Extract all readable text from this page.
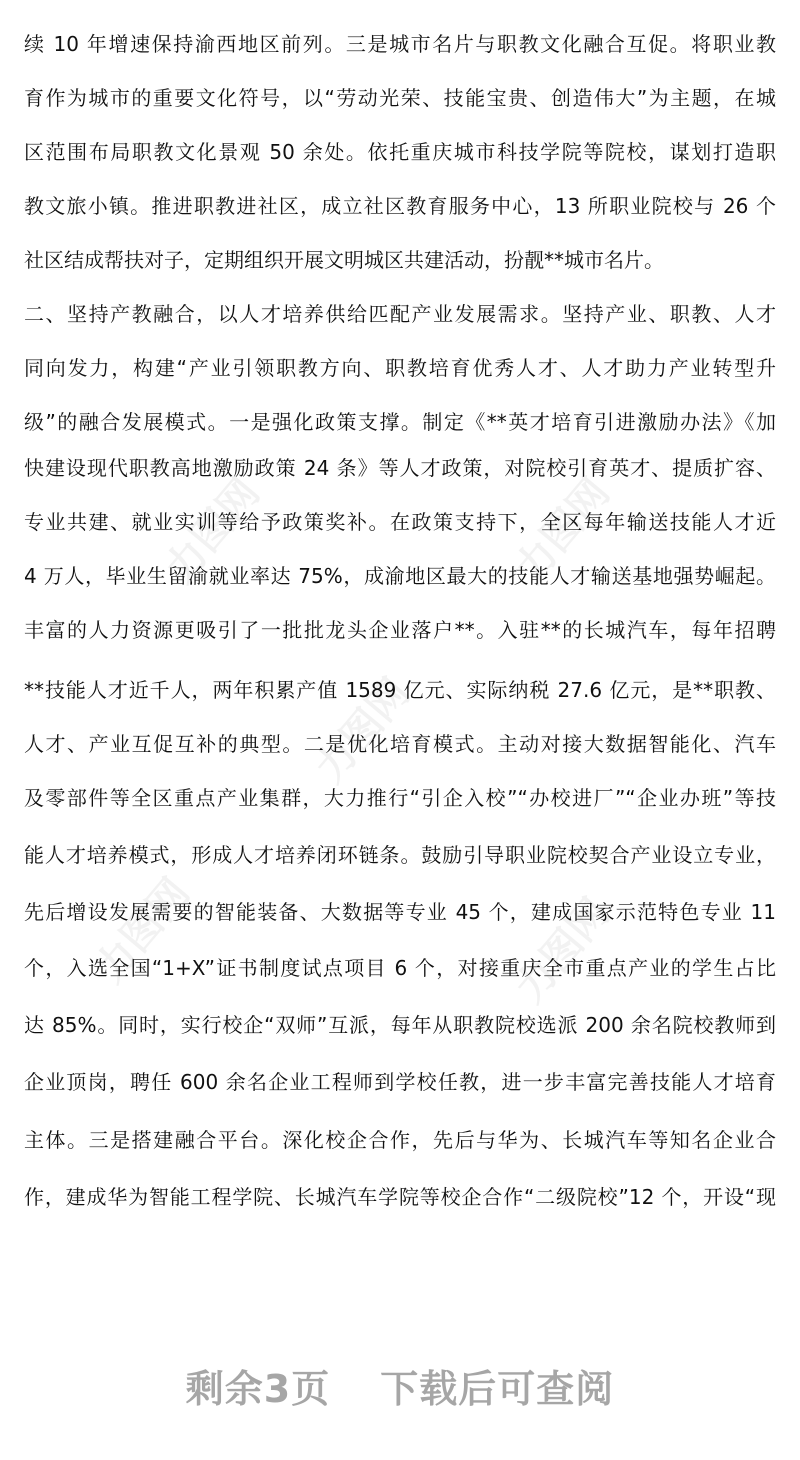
续 10 年增速保持渝西地区前列。三是城市名片与职教文化融合互促。将职业教
育作为城市的重要文化符号，以“劳动光荣、技能宝贵、创造伟大”为主题，在城
区范围布局职教文化景观 50 余处。依托重庆城市科技学院等院校，谋划打造职
教文旅小镇。推进职教进社区，成立社区教育服务中心，13 所职业院校与 26 个
社区结成帮扶对子，定期组织开展文明城区共建活动，扮靓**城市名片。
二、坚持产教融合，以人才培养供给匹配产业发展需求。坚持产业、职教、人才
同向发力，构建“产业引领职教方向、职教培育优秀人才、人才助力产业转型升
级”的融合发展模式。一是强化政策支撑。制定《**英才培育引进激励办法》《加
快建设现代职教高地激励政策 24 条》等人才政策，对院校引育英才、提质扩容、
专业共建、就业实训等给予政策奖补。在政策支持下，全区每年输送技能人才近
4 万人，毕业生留渝就业率达 75%，成渝地区最大的技能人才输送基地强势崛起。
丰富的人力资源更吸引了一批批龙头企业落户**。入驻**的长城汽车，每年招聘
**技能人才近千人，两年积累产值 1589 亿元、实际纳税 27.6 亿元，是**职教、
人才、产业互促互补的典型。二是优化培育模式。主动对接大数据智能化、汽车
及零部件等全区重点产业集群，大力推行“引企入校”“办校进厂”“企业办班”等技
能人才培养模式，形成人才培养闭环链条。鼓励引导职业院校契合产业设立专业，
先后增设发展需要的智能装备、大数据等专业 45 个，建成国家示范特色专业 11
个，入选全国“1+X”证书制度试点项目 6 个，对接重庆全市重点产业的学生占比
达 85%。同时，实行校企“双师”互派，每年从职教院校选派 200 余名院校教师到
企业顶岗，聘任 600 余名企业工程师到学校任教，进一步丰富完善技能人才培育
主体。三是搭建融合平台。深化校企合作，先后与华为、长城汽车等知名企业合
作，建成华为智能工程学院、长城汽车学院等校企合作“二级院校”12 个，开设“现
力图网	力图网
力图网
力图网	力图网
剩余3页 下载后可查阅
